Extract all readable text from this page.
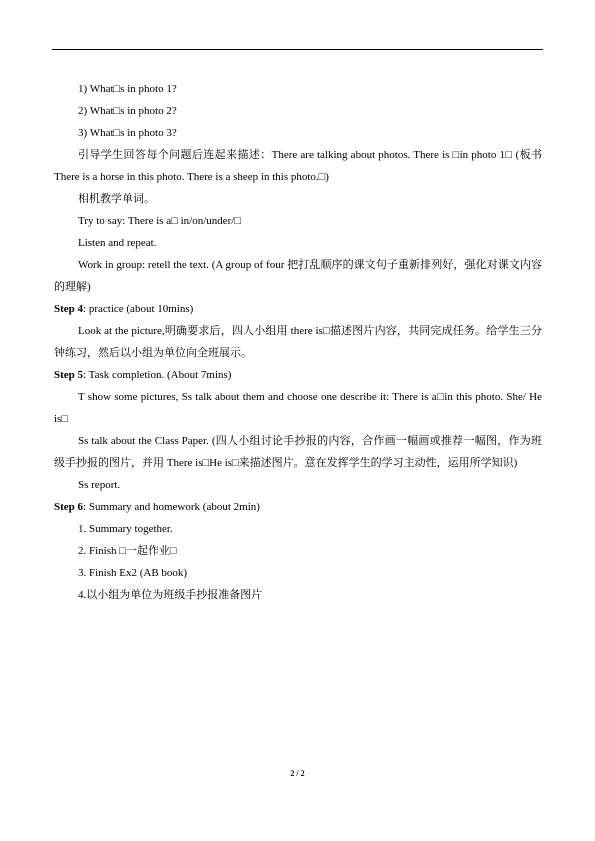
1) What□s in photo 1?

2) What□s in photo 2?

3) What□s in photo 3?

引导学生回答每个问题后连起来描述：There are talking about photos. There is □in photo 1□ (板书 There is a horse in this photo. There is a sheep in this photo.□)

相机教学单词。

Try to say: There is a□ in/on/under/□

Listen and repeat.

Work in group: retell the text. (A group of four 把打乱顺序的课文句子重新排列好，强化对课文内容的理解)

Step 4: practice (about 10mins)

Look at the picture,明确要求后，四人小组用 there is□描述图片内容，共同完成任务。给学生三分钟练习，然后以小组为单位向全班展示。

Step 5: Task completion. (About 7mins)

T show some pictures, Ss talk about them and choose one describe it: There is a□in this photo. She/ He is□

Ss talk about the Class Paper. (四人小组讨论手抄报的内容，合作画一幅画或推荐一幅图，作为班级手抄报的图片，并用 There is□He is□来描述图片。意在发挥学生的学习主动性，运用所学知识)

Ss report.

Step 6: Summary and homework (about 2min)

1. Summary together.

2. Finish □一起作业□

3. Finish Ex2 (AB book)

4.以小组为单位为班级手抄报准备图片

2 / 2
